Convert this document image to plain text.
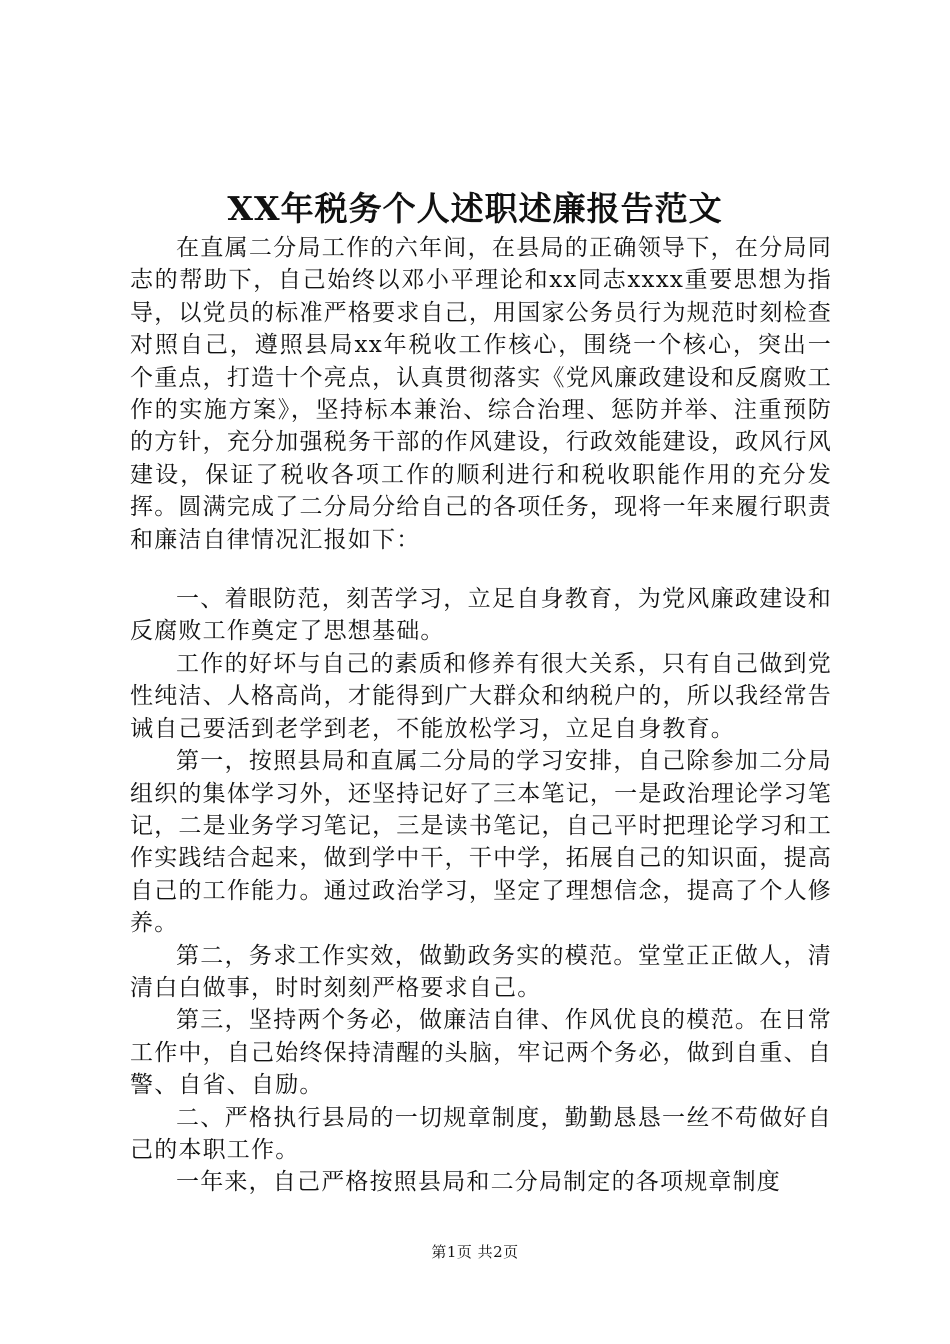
XX年税务个人述职述廉报告范文

在直属二分局工作的六年间，在县局的正确领导下，在分局同志的帮助下，自己始终以邓小平理论和xx同志xxxx重要思想为指导，以党员的标准严格要求自己，用国家公务员行为规范时刻检查对照自己，遵照县局xx年税收工作核心，围绕一个核心，突出一个重点，打造十个亮点，认真贯彻落实《党风廉政建设和反腐败工作的实施方案》，坚持标本兼治、综合治理、惩防并举、注重预防的方针，充分加强税务干部的作风建设，行政效能建设，政风行风建设，保证了税收各项工作的顺利进行和税收职能作用的充分发挥。圆满完成了二分局分给自己的各项任务，现将一年来履行职责和廉洁自律情况汇报如下：

一、着眼防范，刻苦学习，立足自身教育，为党风廉政建设和反腐败工作奠定了思想基础。

工作的好坏与自己的素质和修养有很大关系，只有自己做到党性纯洁、人格高尚，才能得到广大群众和纳税户的，所以我经常告诫自己要活到老学到老，不能放松学习，立足自身教育。

第一，按照县局和直属二分局的学习安排，自己除参加二分局组织的集体学习外，还坚持记好了三本笔记，一是政治理论学习笔记，二是业务学习笔记，三是读书笔记，自己平时把理论学习和工作实践结合起来，做到学中干，干中学，拓展自己的知识面，提高自己的工作能力。通过政治学习，坚定了理想信念，提高了个人修养。

第二，务求工作实效，做勤政务实的模范。堂堂正正做人，清清白白做事，时时刻刻严格要求自己。

第三，坚持两个务必，做廉洁自律、作风优良的模范。在日常工作中，自己始终保持清醒的头脑，牢记两个务必，做到自重、自警、自省、自励。

二、严格执行县局的一切规章制度，勤勤恳恳一丝不苟做好自己的本职工作。

一年来，自己严格按照县局和二分局制定的各项规章制度

第1页 共2页
